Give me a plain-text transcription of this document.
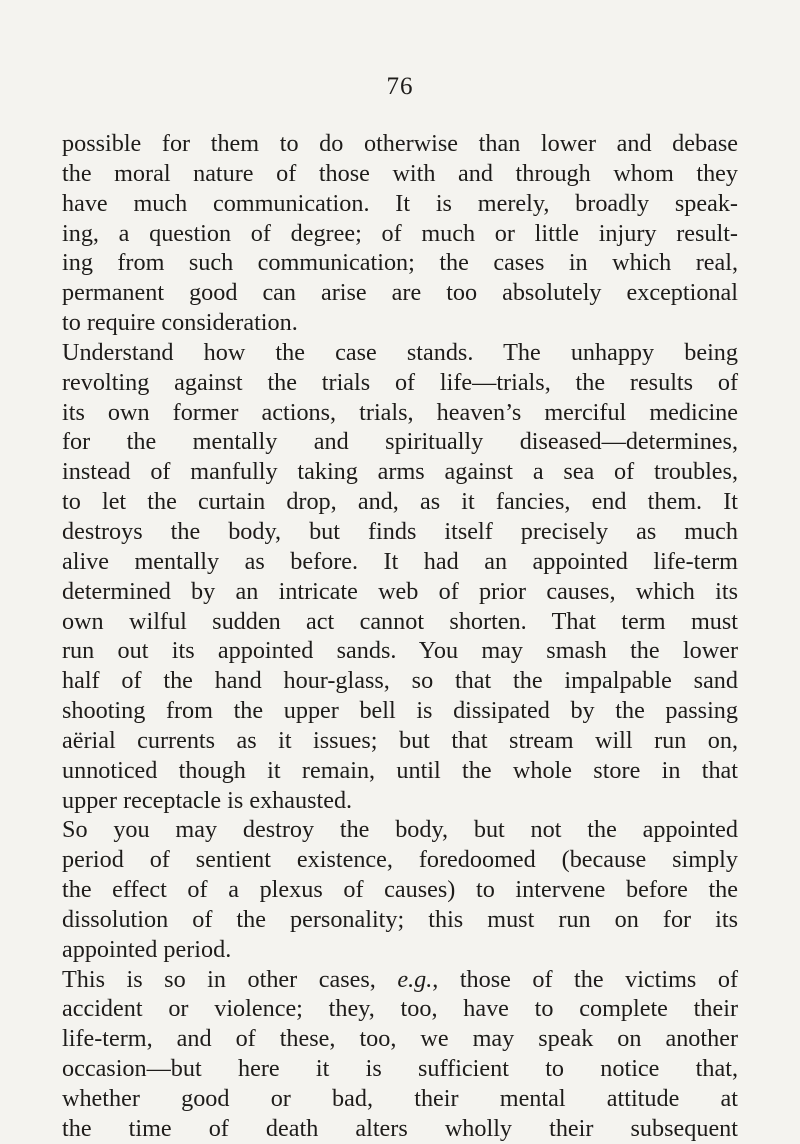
76
possible for them to do otherwise than lower and debase
the moral nature of those with and through whom they
have much communication. It is merely, broadly speak-
ing, a question of degree; of much or little injury result-
ing from such communication; the cases in which real,
permanent good can arise are too absolutely exceptional
to require consideration.
Understand how the case stands. The unhappy being
revolting against the trials of life—trials, the results of
its own former actions, trials, heaven’s merciful medicine
for the mentally and spiritually diseased—determines,
instead of manfully taking arms against a sea of troubles,
to let the curtain drop, and, as it fancies, end them. It
destroys the body, but finds itself precisely as much
alive mentally as before. It had an appointed life-term
determined by an intricate web of prior causes, which its
own wilful sudden act cannot shorten. That term must
run out its appointed sands. You may smash the lower
half of the hand hour-glass, so that the impalpable sand
shooting from the upper bell is dissipated by the passing
aërial currents as it issues; but that stream will run on,
unnoticed though it remain, until the whole store in that
upper receptacle is exhausted.
So you may destroy the body, but not the appointed
period of sentient existence, foredoomed (because simply
the effect of a plexus of causes) to intervene before the
dissolution of the personality; this must run on for its
appointed period.
This is so in other cases, e.g., those of the victims of
accident or violence; they, too, have to complete their
life-term, and of these, too, we may speak on another
occasion—but here it is sufficient to notice that,
whether good or bad, their mental attitude at
the time of death alters wholly their subsequent
